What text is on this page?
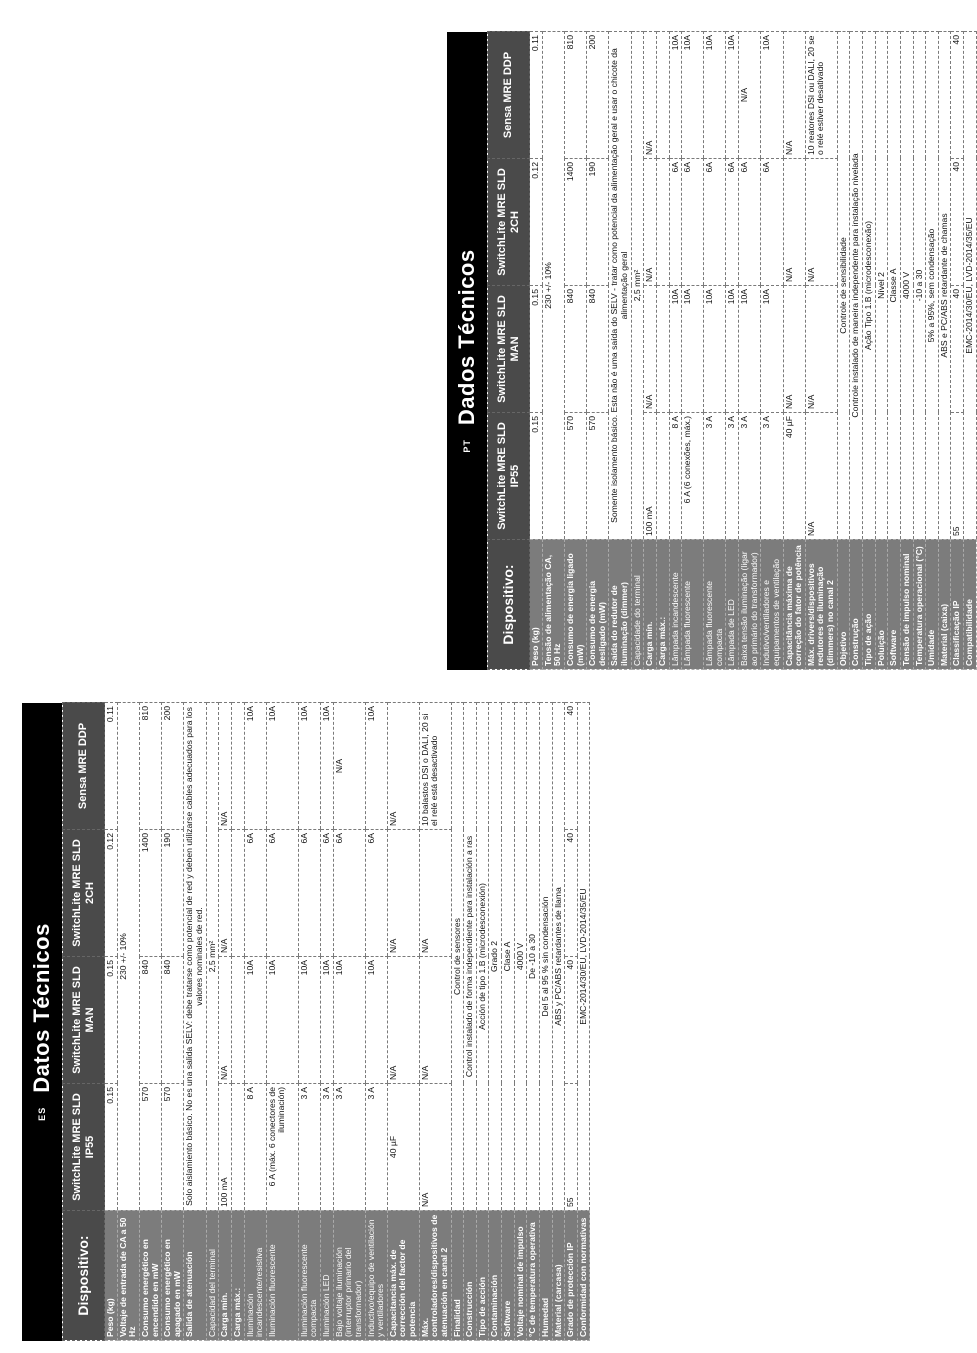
ES
Datos Técnicos
Dispositivo:	SwitchLite MRE SLD IP55	SwitchLite MRE SLD MAN	SwitchLite MRE SLD 2CH	Sensa MRE DDP
Peso (kg)	0.15	0.15	0.12	0.11
Voltaje de entrada de CA a 50 Hz	230 +/- 10%			
Consumo energético en encendido en mW	570	840	1400	810
Consumo energético en apagado en mW	570	840	190	200
Salida de atenuación	Solo aislamiento básico. No es una salida SELV: debe tratarse como potencial de red y deben utilizarse cables adecuados para los valores nominales de red.			
Capacidad del terminal	2,5 mm²			
Carga mín.	100 mA	N/A	N/A	N/A
Carga máx.:				
Iluminación incandescente/resistiva	8 A	10A	6A	10A
Iluminación fluorescente	6 A (máx. 6 conectores de iluminación)	10A	6A	10A
Iluminación fluorescente compacta	3 A	10A	6A	10A
Iluminación LED	3 A	10A	6A	10A
Bajo voltaje iluminación (interruptor primario del transformador)	3 A	10A	6A	N/A
Inductivo/equipo de ventilación y ventiladores	3 A	10A	6A	10A
Capacitancia máx. de corrección del factor de potencia	40 µF	N/A	N/A	N/A
Máx. controladores/dispositivos de atenuación en canal 2	N/A	N/A	N/A	10 balastos DSI o DALI, 20 si el relé está desactivado
Finalidad	Control de sensores			
Construcción	Control instalado de forma independiente para instalación a ras			
Tipo de acción	Acción de tipo 1.B (microdesconexión)			
Contaminación	Grado 2			
Software	Clase A			
Voltaje nominal de impulso	4000 V			
°C de temperatura operativa	De -10 a 30			
Humedad	Del 5 al 95 % sin condensación			
Material (carcasa)	ABS y PC/ABS retardantes de llama			
Grado de protección IP	55	40	40	40
Conformidad con normativas	EMC-2014/30/EU, LVD-2014/35/EU			
PT
Dados Técnicos
Dispositivo:	SwitchLite MRE SLD IP55	SwitchLite MRE SLD MAN	SwitchLite MRE SLD 2CH	Sensa MRE DDP
Peso (kg)	0.15	0.15	0.12	0.11
Tensão de alimentação CA, 50 Hz	230 +/- 10%			
Consumo de energia ligado (mW)	570	840	1400	810
Consumo de energia desligado (mW)	570	840	190	200
Saída do redutor de iluminação (dimmer)	Somente isolamento básico. Esta não é uma saída do SELV - tratar como potencial da alimentação geral e usar o chicote da alimentação geral			
Capacidade do terminal	2,5 mm²			
Carga mín.	100 mA	N/A	N/A	N/A
Carga máx.:				
Lâmpada incandescente	8 A	10A	6A	10A
Lâmpada fluorescente	6 A (6 conexões, máx.)	10A	6A	10A
Lâmpada fluorescente compacta	3 A	10A	6A	10A
Lâmpada de LED	3 A	10A	6A	10A
Baixa tensão iluminação (ligar ao primário do transformador)	3 A	10A	6A	N/A
Indutivo/ventiladores e equipamentos de ventilação	3 A	10A	6A	10A
Capacitância máxima de correção do fator de potência	40 µF	N/A	N/A	N/A
Máx. drivers/dispositivos redutores de iluminação (dimmers) no canal 2	N/A	N/A	N/A	10 reatores DSI ou DALI, 20 se o relé estiver desativado
Objetivo	Controle de sensibilidade			
Construção	Controle instalado de maneira independente para instalação nivelada			
Tipo de ação	Ação Tipo 1.B (microdesconexão)			
Poluição	Nível 2			
Software	Classe A			
Tensão de impulso nominal	4000 V			
Temperatura operacional (°C)	-10 a 30			
Umidade	5% a 95%, sem condensação			
Material (caixa)	ABS e PC/ABS retardante de chamas			
Classificação IP	55	40	40	40
Compatibilidade	EMC-2014/30/EU, LVD-2014/35/EU			
